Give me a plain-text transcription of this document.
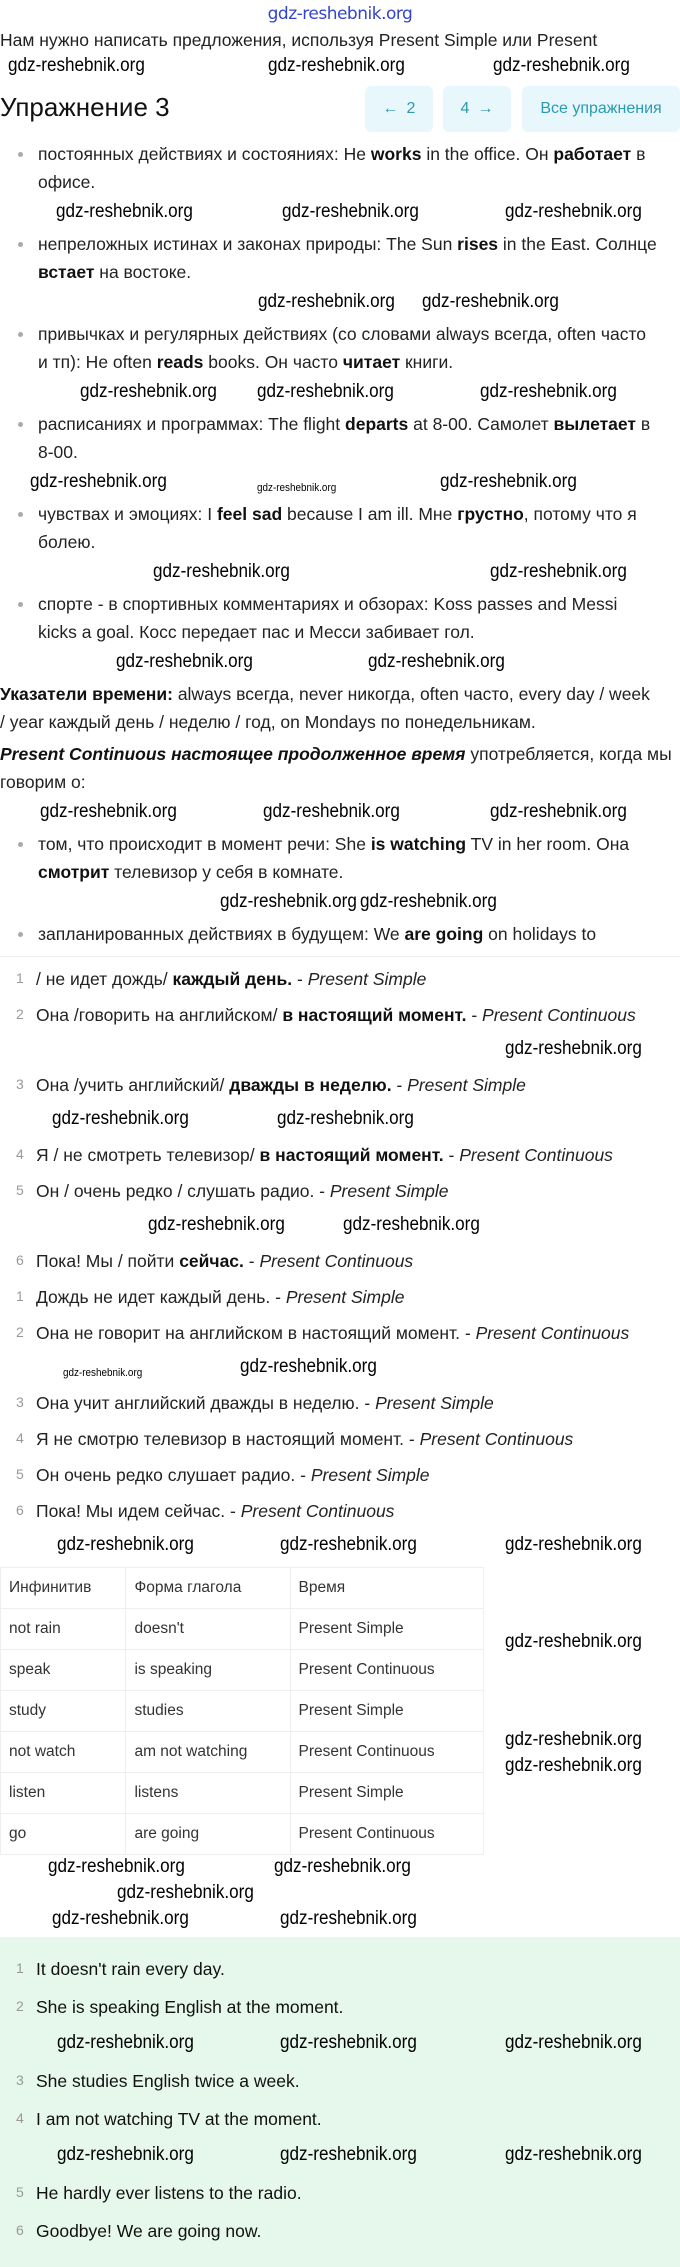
gdz-reshebnik.org
Нам нужно написать предложения, используя Present Simple или Present
gdz-reshebnik.org	gdz-reshebnik.org	gdz-reshebnik.org
Упражнение 3	← 2	4 →	Все упражнения
постоянных действиях и состояниях: He works in the office. Он работает в
офисе.
gdz-reshebnik.org	gdz-reshebnik.org	gdz-reshebnik.org
непреложных истинах и законах природы: The Sun rises in the East. Солнце
встает на востоке.
gdz-reshebnik.org gdz-reshebnik.org
привычках и регулярных действиях (со словами always всегда, often часто
и тп): He often reads books. Он часто читает книги.
gdz-reshebnik.org gdz-reshebnik.org	gdz-reshebnik.org
расписаниях и программах: The flight departs at 8-00. Самолет вылетает в
8-00.
gdz-reshebnik.org	gdz-reshebnik.org
gdz-reshebnik.org
чувствах и эмоциях: I feel sad because I am ill. Мне грустно, потому что я
болею.
gdz-reshebnik.org	gdz-reshebnik.org
спорте - в спортивных комментариях и обзорах: Koss passes and Messi
kicks a goal. Косс передает пас и Месси забивает гол.
gdz-reshebnik.org	gdz-reshebnik.org
Указатели времени: always всегда, never никогда, often часто, every day / week
/ year каждый день / неделю / год, on Mondays по понедельникам.
Present Continuous настоящее продолженное время употребляется, когда мы
говорим о:
gdz-reshebnik.org	gdz-reshebnik.org	gdz-reshebnik.org
том, что происходит в момент речи: She is watching TV in her room. Она
смотрит телевизор у себя в комнате.
gdz-reshebnik.org gdz-reshebnik.org
запланированных действиях в будущем: We are going on holidays to
1 / не идет дождь/ каждый день. - Present Simple
2 Она /говорить на английском/ в настоящий момент. - Present Continuous
gdz-reshebnik.org
3 Она /учить английский/ дважды в неделю. - Present Simple
gdz-reshebnik.org	gdz-reshebnik.org
4 Я / не смотреть телевизор/ в настоящий момент. - Present Continuous
5 Он / очень редко / слушать радио. - Present Simple
gdz-reshebnik.org	gdz-reshebnik.org
6 Пока! Мы / пойти сейчас. - Present Continuous
1 Дождь не идет каждый день. - Present Simple
2 Она не говорит на английском в настоящий момент. - Present Continuous
gdz-reshebnik.org
gdz-reshebnik.org
3 Она учит английский дважды в неделю. - Present Simple
4 Я не смотрю телевизор в настоящий момент. - Present Continuous
5 Он очень редко слушает радио. - Present Simple
6 Пока! Мы идем сейчас. - Present Continuous
gdz-reshebnik.org	gdz-reshebnik.org	gdz-reshebnik.org
Инфинитив	Форма глагола	Время
not rain	doesn't	Present Simple
speak	is speaking	Present Continuous
study	studies	Present Simple
not watch	am not watching	Present Continuous
listen	listens	Present Simple
go	are going	Present Continuous
gdz-reshebnik.org
gdz-reshebnik.org
gdz-reshebnik.org
gdz-reshebnik.org	gdz-reshebnik.org
gdz-reshebnik.org
gdz-reshebnik.org	gdz-reshebnik.org
1 It doesn't rain every day.
2 She is speaking English at the moment.
gdz-reshebnik.org	gdz-reshebnik.org	gdz-reshebnik.org
3 She studies English twice a week.
4 I am not watching TV at the moment.
gdz-reshebnik.org	gdz-reshebnik.org	gdz-reshebnik.org
5 He hardly ever listens to the radio.
6 Goodbye! We are going now.
